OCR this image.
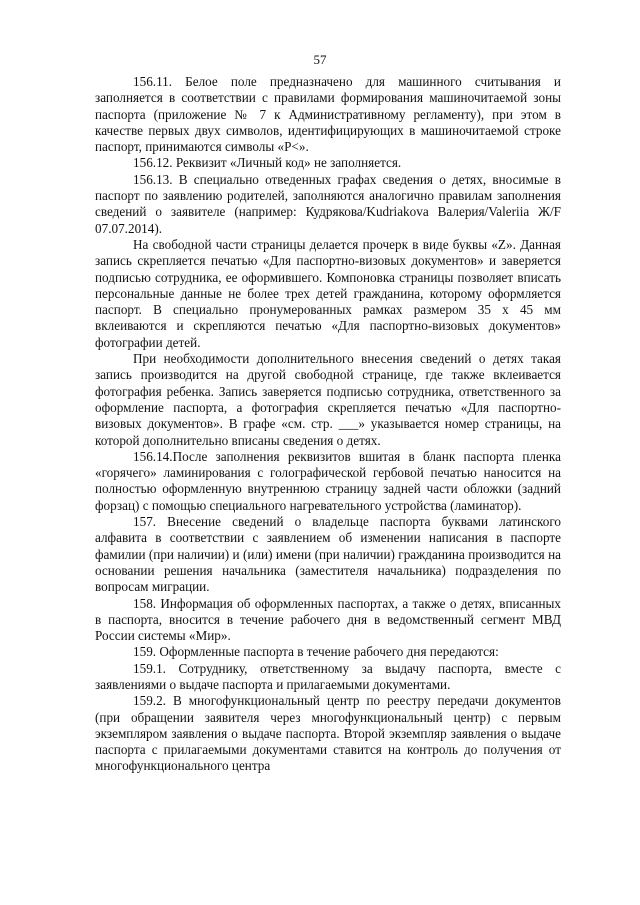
57

156.11. Белое поле предназначено для машинного считывания и заполняется в соответствии с правилами формирования машиночитаемой зоны паспорта (приложение № 7 к Административному регламенту), при этом в качестве первых двух символов, идентифицирующих в машиночитаемой строке паспорт, принимаются символы «P<».

156.12. Реквизит «Личный код» не заполняется.

156.13. В специально отведенных графах сведения о детях, вносимые в паспорт по заявлению родителей, заполняются аналогично правилам заполнения сведений о заявителе (например: Кудрякова/Kudriakova Валерия/Valeriia Ж/F 07.07.2014).

На свободной части страницы делается прочерк в виде буквы «Z». Данная запись скрепляется печатью «Для паспортно-визовых документов» и заверяется подписью сотрудника, ее оформившего. Компоновка страницы позволяет вписать персональные данные не более трех детей гражданина, которому оформляется паспорт. В специально пронумерованных рамках размером 35 х 45 мм вклеиваются и скрепляются печатью «Для паспортно-визовых документов» фотографии детей.

При необходимости дополнительного внесения сведений о детях такая запись производится на другой свободной странице, где также вклеивается фотография ребенка. Запись заверяется подписью сотрудника, ответственного за оформление паспорта, а фотография скрепляется печатью «Для паспортно-визовых документов». В графе «см. стр. ___» указывается номер страницы, на которой дополнительно вписаны сведения о детях.

156.14.После заполнения реквизитов вшитая в бланк паспорта пленка «горячего» ламинирования с голографической гербовой печатью наносится на полностью оформленную внутреннюю страницу задней части обложки (задний форзац) с помощью специального нагревательного устройства (ламинатор).

157. Внесение сведений о владельце паспорта буквами латинского алфавита в соответствии с заявлением об изменении написания в паспорте фамилии (при наличии) и (или) имени (при наличии) гражданина производится на основании решения начальника (заместителя начальника) подразделения по вопросам миграции.

158. Информация об оформленных паспортах, а также о детях, вписанных в паспорта, вносится в течение рабочего дня в ведомственный сегмент МВД России системы «Мир».

159. Оформленные паспорта в течение рабочего дня передаются:

159.1. Сотруднику, ответственному за выдачу паспорта, вместе с заявлениями о выдаче паспорта и прилагаемыми документами.

159.2. В многофункциональный центр по реестру передачи документов (при обращении заявителя через многофункциональный центр) с первым экземпляром заявления о выдаче паспорта. Второй экземпляр заявления о выдаче паспорта с прилагаемыми документами ставится на контроль до получения от многофункционального центра
